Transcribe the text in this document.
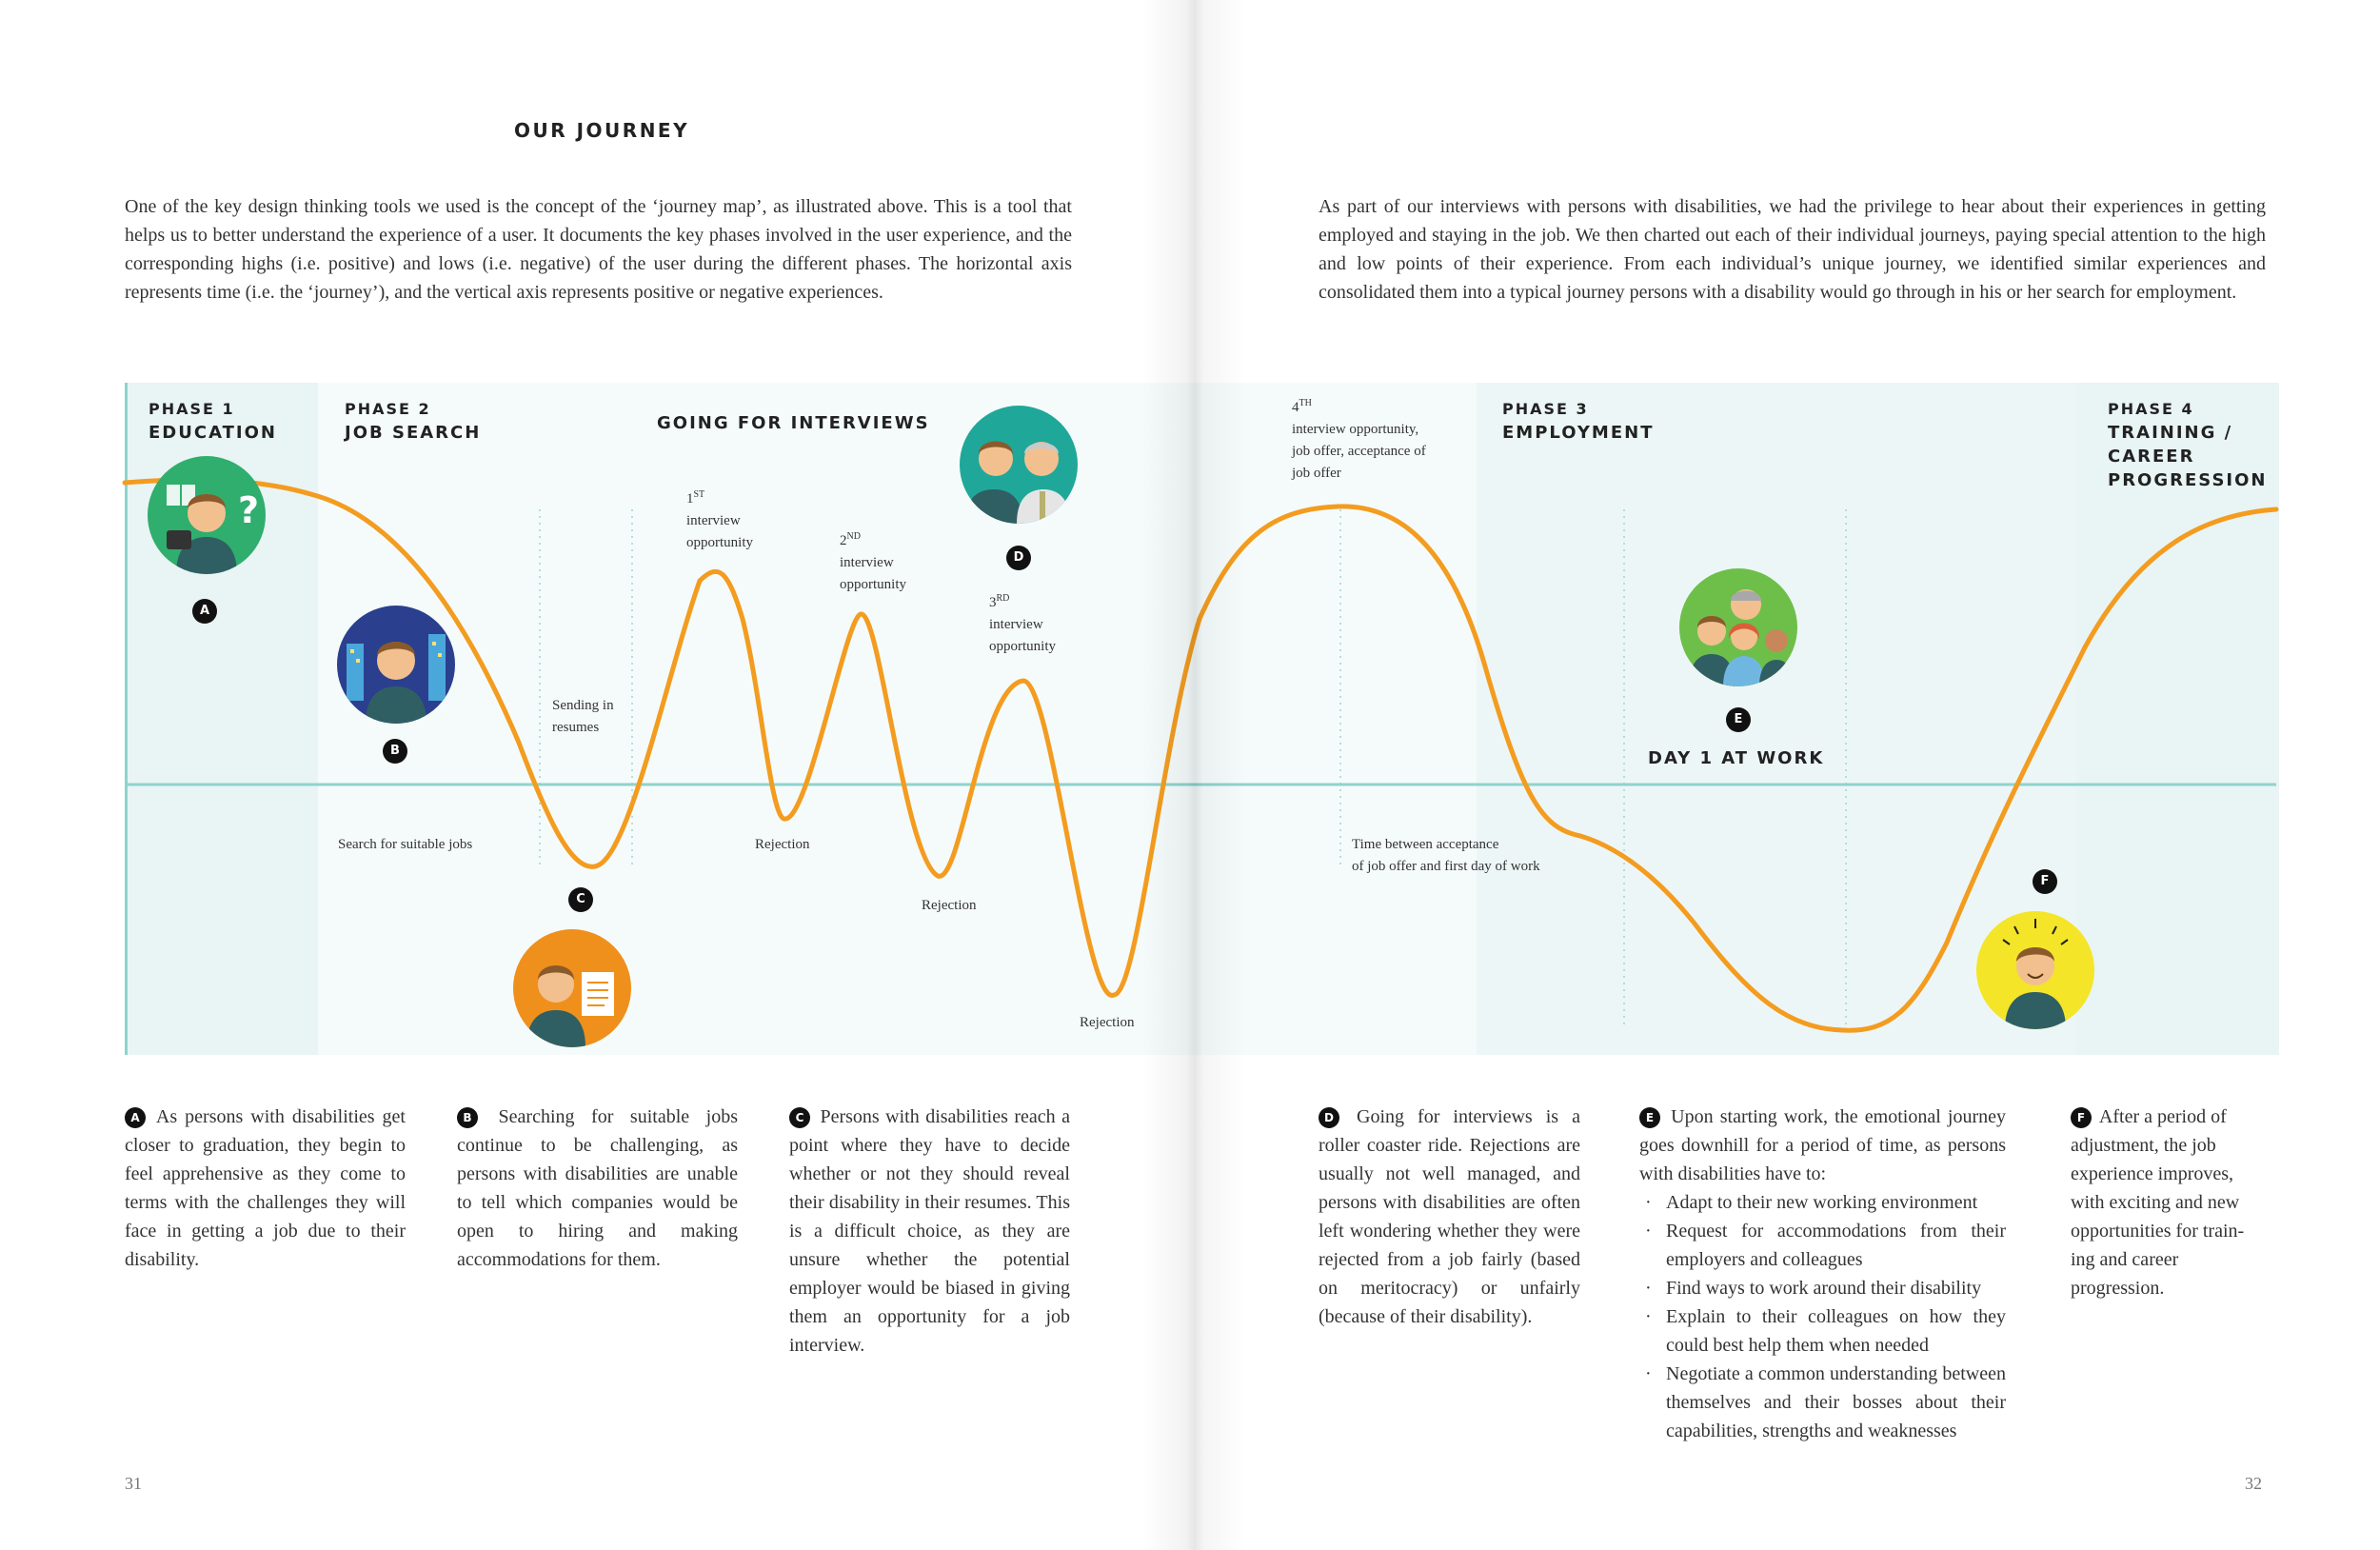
OUR JOURNEY
One of the key design thinking tools we used is the concept of the ‘journey map’, as illustrated above. This is a tool that helps us to better understand the experience of a user. It documents the key phases involved in the user experience, and the corresponding highs (i.e. positive) and lows (i.e. negative) of the user during the different phases. The horizontal axis represents time (i.e. the ‘journey’), and the vertical axis represents positive or negative experiences.
As part of our interviews with persons with disabilities, we had the privilege to hear about their experiences in getting employed and staying in the job. We then charted out each of their individual journeys, paying special attention to the high and low points of their experience. From each individual’s unique journey, we identified similar experiences and consolidated them into a typical journey persons with a disability would go through in his or her search for employment.
PHASE 1
EDUCATION
PHASE 2
JOB SEARCH
PHASE 3
EMPLOYMENT
PHASE 4
TRAINING /
CAREER
PROGRESSION
GOING FOR INTERVIEWS
DAY 1 AT WORK
Search for suitable jobs
Sending in
resumes
1ST
interview
opportunity	2ND
interview
opportunity
3RD
interview
opportunity
4TH
interview opportunity,
job offer, acceptance of
job offer
Rejection
Rejection
Rejection
Time between acceptance
of job offer and first day of work
?
A
B
C
D
E
F
A As persons with disabilities get closer to graduation, they begin to feel apprehensive as they come to terms with the challenges they will face in getting a job due to their disability.
B Searching for suitable jobs continue to be challenging, as persons with disabilities are unable to tell which companies would be open to hiring and making accommodations for them.
C Persons with disabilities reach a point where they have to decide whether or not they should reveal their disability in their resumes. This is a difficult choice, as they are unsure whether the potential employer would be biased in giving them an opportunity for a job interview.
D Going for interviews is a roller coaster ride. Rejections are usually not well managed, and persons with disabilities are often left wondering whether they were rejected from a job fairly (based on meritocracy) or unfairly (because of their disability).
E Upon starting work, the emotional journey goes downhill for a period of time, as persons with disabilities have to:
· Adapt to their new working environment
· Request for accommodations from their employers and colleagues
· Find ways to work around their disability
· Explain to their colleagues on how they could best help them when needed
· Negotiate a common understanding between themselves and their bosses about their capabilities, strengths and weaknesses
F After a period of adjustment, the job experience improves, with exciting and new opportunities for train- ing and career progression.
31	32
